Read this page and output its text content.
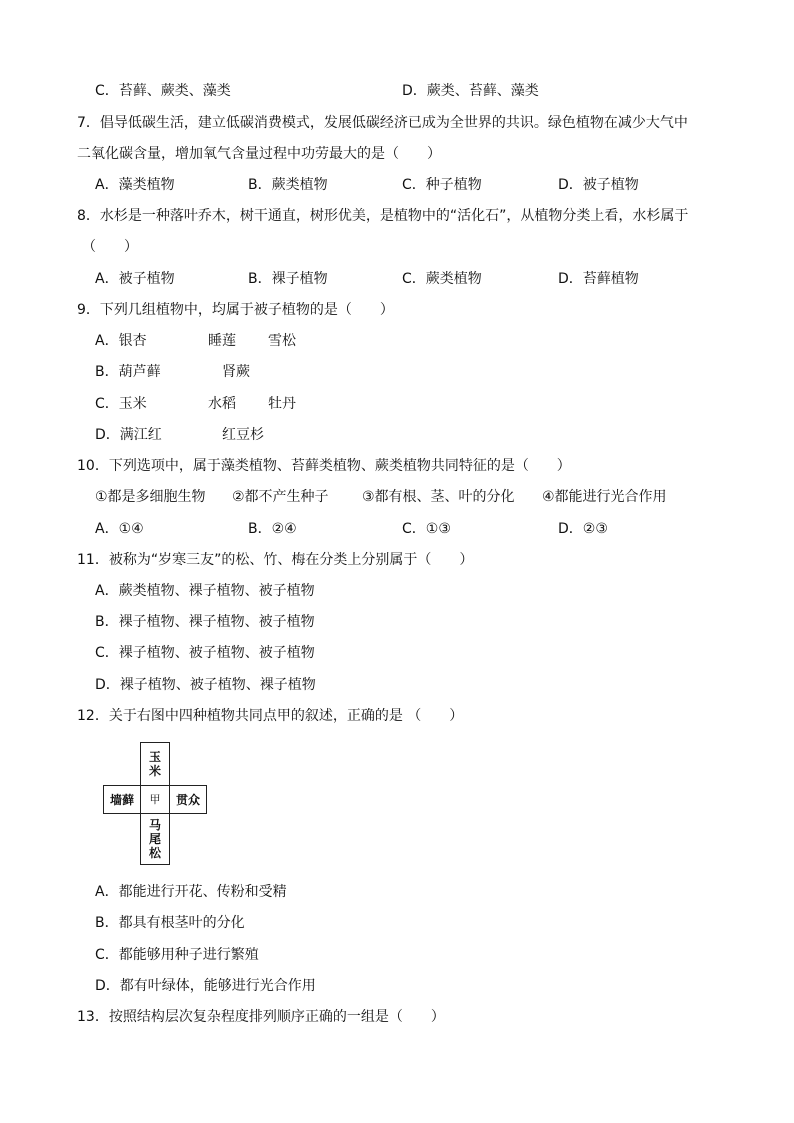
C．苔藓、蕨类、藻类	D．蕨类、苔藓、藻类
7．倡导低碳生活，建立低碳消费模式，发展低碳经济已成为全世界的共识。绿色植物在减少大气中
二氧化碳含量，增加氧气含量过程中功劳最大的是（　　）
A．藻类植物	B．蕨类植物	C．种子植物	D．被子植物
8．水杉是一种落叶乔木，树干通直，树形优美，是植物中的“活化石”，从植物分类上看，水杉属于
（　　）
A．被子植物	B．裸子植物	C．蕨类植物	D．苔藓植物
9．下列几组植物中，均属于被子植物的是（　　）
A．银杏	睡莲 雪松
B．葫芦藓	肾蕨
C．玉米	水稻 牡丹
D．满江红	红豆杉
10．下列选项中，属于藻类植物、苔藓类植物、蕨类植物共同特征的是（　　）
①都是多细胞生物 ②都不产生种子 ③都有根、茎、叶的分化 ④都能进行光合作用
A．①④	B．②④	C．①③	D．②③
11．被称为“岁寒三友”的松、竹、梅在分类上分别属于（　　）
A．蕨类植物、裸子植物、被子植物
B．裸子植物、裸子植物、被子植物
C．裸子植物、被子植物、被子植物
D．裸子植物、被子植物、裸子植物
12．关于右图中四种植物共同点甲的叙述，正确的是 （　　）
玉
米
墙藓	甲	贯众
马
尾
松
A．都能进行开花、传粉和受精
B．都具有根茎叶的分化
C．都能够用种子进行繁殖
D．都有叶绿体，能够进行光合作用
13．按照结构层次复杂程度排列顺序正确的一组是（　　）
